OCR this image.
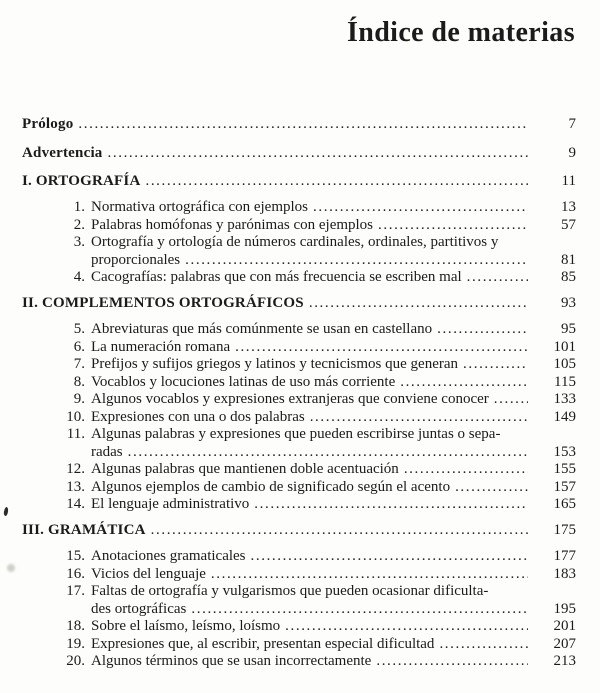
Índice de materias
Prólogo .....	7
Advertencia .....	9
I. ORTOGRAFÍA .....	11
1. Normativa ortográfica con ejemplos .....	13
2. Palabras homófonas y parónimas con ejemplos .....	57
3. Ortografía y ortología de números cardinales, ordinales, partitivos y
proporcionales .....	81
4. Cacografías: palabras que con más frecuencia se escriben mal .....	85
II. COMPLEMENTOS ORTOGRÁFICOS .....	93
5. Abreviaturas que más comúnmente se usan en castellano .....	95
6. La numeración romana .....	101
7. Prefijos y sufijos griegos y latinos y tecnicismos que generan .....	105
8. Vocablos y locuciones latinas de uso más corriente .....	115
9. Algunos vocablos y expresiones extranjeras que conviene conocer .....	133
10. Expresiones con una o dos palabras .....	149
11. Algunas palabras y expresiones que pueden escribirse juntas o sepa-
radas .....	153
12. Algunas palabras que mantienen doble acentuación .....	155
13. Algunos ejemplos de cambio de significado según el acento .....	157
14. El lenguaje administrativo .....	165
III. GRAMÁTICA .....	175
15. Anotaciones gramaticales .....	177
16. Vicios del lenguaje .....	183
17. Faltas de ortografía y vulgarismos que pueden ocasionar dificulta-
des ortográficas .....	195
18. Sobre el laísmo, leísmo, loísmo .....	201
19. Expresiones que, al escribir, presentan especial dificultad .....	207
20. Algunos términos que se usan incorrectamente .....	213
